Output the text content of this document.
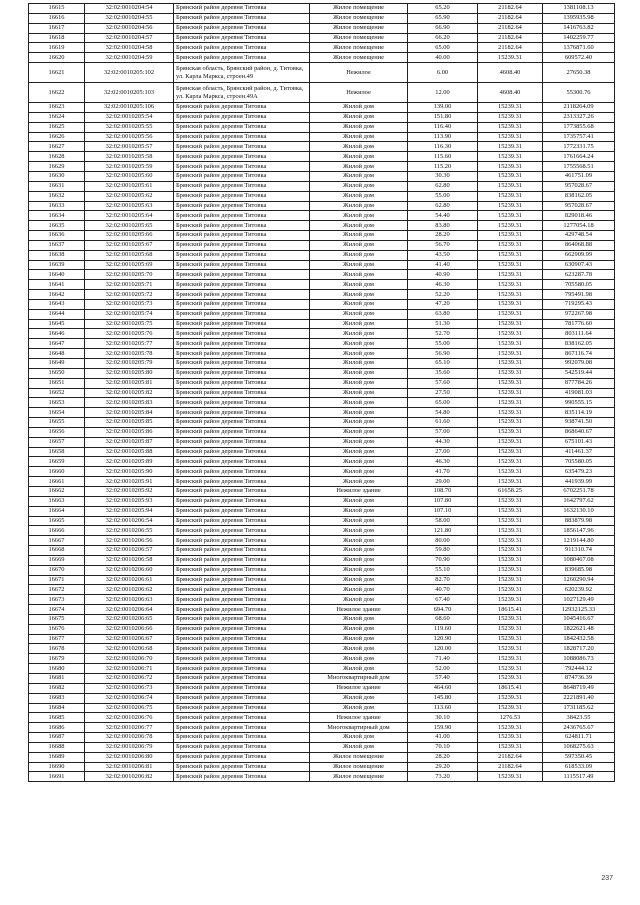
16615	32:02:0010204:54	Брянский район деревня Титовка	Жилое помещение	65.20	21182.64	1381108.13
16616	32:02:0010204:55	Брянский район деревня Титовка	Жилое помещение	65.90	21182.64	1395935.98
16617	32:02:0010204:56	Брянский район деревня Титовка	Жилое помещение	66.90	21182.64	1416763.82
16618	32:02:0010204:57	Брянский район деревня Титовка	Жилое помещение	66.20	21182.64	1402259.77
16619	32:02:0010204:58	Брянский район деревня Титовка	Жилое помещение	65.00	21182.64	1376871.60
16620	32:02:0010204:59	Брянский район деревня Титовка	Жилое помещение	40.00	15239.31	609572.40
16621	32:02:0010205:102	Брянская область, Брянский район, д. Титовка, ул. Карла Маркса, строен.49	Нежилое	6.00	4608.40	27650.38
16622	32:02:0010205:103	Брянская область, Брянский район, д. Титовка, ул. Карла Маркса, строен.49А	Нежилое	12.00	4608.40	55300.76
16623	32:02:0010205:106	Брянский район деревня Титовка	Жилой дом	139.00	15239.31	2118264.09
16624	32:02:0010205:54	Брянский район деревня Титовка	Жилой дом	151.80	15239.31	2313327.26
16625	32:02:0010205:55	Брянский район деревня Титовка	Жилой дом	116.40	15239.31	1773855.68
16626	32:02:0010205:56	Брянский район деревня Титовка	Жилой дом	113.90	15239.31	1735757.41
16627	32:02:0010205:57	Брянский район деревня Титовка	Жилой дом	116.30	15239.31	1772331.75
16628	32:02:0010205:58	Брянский район деревня Титовка	Жилой дом	115.60	15239.31	1761664.24
16629	32:02:0010205:59	Брянский район деревня Титовка	Жилой дом	115.20	15239.31	1755568.51
16630	32:02:0010205:60	Брянский район деревня Титовка	Жилой дом	30.30	15239.31	461751.09
16631	32:02:0010205:61	Брянский район деревня Титовка	Жилой дом	62.80	15239.31	957028.67
16632	32:02:0010205:62	Брянский район деревня Титовка	Жилой дом	55.00	15239.31	838162.05
16633	32:02:0010205:63	Брянский район деревня Титовка	Жилой дом	62.80	15239.31	957028.67
16634	32:02:0010205:64	Брянский район деревня Титовка	Жилой дом	54.40	15239.31	829018.46
16635	32:02:0010205:65	Брянский район деревня Титовка	Жилой дом	83.80	15239.31	1277054.18
16636	32:02:0010205:66	Брянский район деревня Титовка	Жилой дом	28.20	15239.31	429748.54
16637	32:02:0010205:67	Брянский район деревня Титовка	Жилой дом	56.70	15239.31	864068.88
16638	32:02:0010205:68	Брянский район деревня Титовка	Жилой дом	43.50	15239.31	662909.99
16639	32:02:0010205:69	Брянский район деревня Титовка	Жилой дом	41.40	15239.31	630907.43
16640	32:02:0010205:70	Брянский район деревня Титовка	Жилой дом	40.90	15239.31	623287.78
16641	32:02:0010205:71	Брянский район деревня Титовка	Жилой дом	46.30	15239.31	705580.05
16642	32:02:0010205:72	Брянский район деревня Титовка	Жилой дом	52.20	15239.31	795491.98
16643	32:02:0010205:73	Брянский район деревня Титовка	Жилой дом	47.20	15239.31	719295.43
16644	32:02:0010205:74	Брянский район деревня Титовка	Жилой дом	63.80	15239.31	972267.98
16645	32:02:0010205:75	Брянский район деревня Титовка	Жилой дом	51.30	15239.31	781776.60
16646	32:02:0010205:76	Брянский район деревня Титовка	Жилой дом	52.70	15239.31	803111.64
16647	32:02:0010205:77	Брянский район деревня Титовка	Жилой дом	55.00	15239.31	838162.05
16648	32:02:0010205:78	Брянский район деревня Титовка	Жилой дом	56.90	15239.31	867116.74
16649	32:02:0010205:79	Брянский район деревня Титовка	Жилой дом	65.10	15239.31	992079.08
16650	32:02:0010205:80	Брянский район деревня Титовка	Жилой дом	35.60	15239.31	542519.44
16651	32:02:0010205:81	Брянский район деревня Титовка	Жилой дом	57.60	15239.31	877784.26
16652	32:02:0010205:82	Брянский район деревня Титовка	Жилой дом	27.50	15239.31	419081.03
16653	32:02:0010205:83	Брянский район деревня Титовка	Жилой дом	65.00	15239.31	990555.15
16654	32:02:0010205:84	Брянский район деревня Титовка	Жилой дом	54.80	15239.31	835114.19
16655	32:02:0010205:85	Брянский район деревня Титовка	Жилой дом	61.60	15239.31	938741.50
16656	32:02:0010205:86	Брянский район деревня Титовка	Жилой дом	57.00	15239.31	868640.67
16657	32:02:0010205:87	Брянский район деревня Титовка	Жилой дом	44.30	15239.31	675101.43
16658	32:02:0010205:88	Брянский район деревня Титовка	Жилой дом	27.00	15239.31	411461.37
16659	32:02:0010205:89	Брянский район деревня Титовка	Жилой дом	46.30	15239.31	705580.05
16660	32:02:0010205:90	Брянский район деревня Титовка	Жилой дом	41.70	15239.31	635479.23
16661	32:02:0010205:91	Брянский район деревня Титовка	Жилой дом	29.00	15239.31	441939.99
16662	32:02:0010205:92	Брянский район деревня Титовка	Нежилое здание	108.70	61658.25	6702251.78
16663	32:02:0010205:93	Брянский район деревня Титовка	Жилой дом	107.80	15239.31	1642797.62
16664	32:02:0010205:94	Брянский район деревня Титовка	Жилой дом	107.10	15239.31	1632130.10
16665	32:02:0010206:54	Брянский район деревня Титовка	Жилой дом	58.00	15239.31	883879.98
16666	32:02:0010206:55	Брянский район деревня Титовка	Жилой дом	121.80	15239.31	1856147.96
16667	32:02:0010206:56	Брянский район деревня Титовка	Жилой дом	80.00	15239.31	1219144.80
16668	32:02:0010206:57	Брянский район деревня Титовка	Жилой дом	59.80	15239.31	911310.74
16669	32:02:0010206:58	Брянский район деревня Титовка	Жилой дом	70.90	15239.31	1080467.08
16670	32:02:0010206:60	Брянский район деревня Титовка	Жилой дом	55.10	15239.31	839685.98
16671	32:02:0010206:61	Брянский район деревня Титовка	Жилой дом	82.70	15239.31	1260290.94
16672	32:02:0010206:62	Брянский район деревня Титовка	Жилой дом	40.70	15239.31	620239.92
16673	32:02:0010206:63	Брянский район деревня Титовка	Жилой дом	67.40	15239.31	1027129.49
16674	32:02:0010206:64	Брянский район деревня Титовка	Нежилое здание	694.70	18615.41	12932125.33
16675	32:02:0010206:65	Брянский район деревня Титовка	Жилой дом	68.60	15239.31	1045416.67
16676	32:02:0010206:66	Брянский район деревня Титовка	Жилой дом	119.60	15239.31	1822621.48
16677	32:02:0010206:67	Брянский район деревня Титовка	Жилой дом	120.90	15239.31	1842432.58
16678	32:02:0010206:68	Брянский район деревня Титовка	Жилой дом	120.00	15239.31	1828717.20
16679	32:02:0010206:70	Брянский район деревня Титовка	Жилой дом	71.40	15239.31	1088086.73
16680	32:02:0010206:71	Брянский район деревня Титовка	Жилой дом	52.00	15239.31	792444.12
16681	32:02:0010206:72	Брянский район деревня Титовка	Многоквартирный дом	57.40	15239.31	874736.39
16682	32:02:0010206:73	Брянский район деревня Титовка	Нежилое здание	464.60	18615.41	8648719.49
16683	32:02:0010206:74	Брянский район деревня Титовка	Жилой дом	145.80	15239.31	2221891.40
16684	32:02:0010206:75	Брянский район деревня Титовка	Жилой дом	113.60	15239.31	1731185.62
16685	32:02:0010206:76	Брянский район деревня Титовка	Нежилое здание	30.10	1276.53	38423.55
16686	32:02:0010206:77	Брянский район деревня Титовка	Многоквартирный дом	159.90	15239.31	2436765.67
16687	32:02:0010206:78	Брянский район деревня Титовка	Жилой дом	41.00	15239.31	624811.71
16688	32:02:0010206:79	Брянский район деревня Титовка	Жилой дом	70.10	15239.31	1068275.63
16689	32:02:0010206:80	Брянский район деревня Титовка	Жилое помещение	28.20	21182.64	597350.45
16690	32:02:0010206:81	Брянский район деревня Титовка	Жилое помещение	29.20	21182.64	618533.09
16691	32:02:0010206:82	Брянский район деревня Титовка	Жилое помещение	73.20	15239.31	1115517.49
237
